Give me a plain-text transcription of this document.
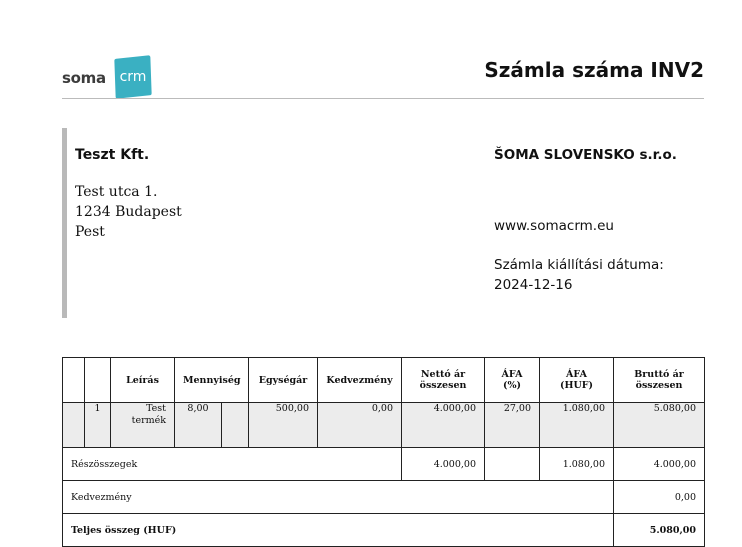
soma crm	Számla száma INV2
Teszt Kft.
Test utca 1.
1234 Budapest
Pest
ŠOMA SLOVENSKO s.r.o.
www.somacrm.eu
Számla kiállítási dátuma:
2024-12-16
		Leírás	Mennyiség		Egységár	Kedvezmény	Nettó ár összesen	ÁFA (%)	ÁFA (HUF)	Bruttó ár összesen
	1	Test termék	8,00		500,00	0,00	4.000,00	27,00	1.080,00	5.080,00
Részösszegek							4.000,00		1.080,00	4.000,00
Kedvezmény										0,00
Teljes összeg (HUF)										5.080,00
